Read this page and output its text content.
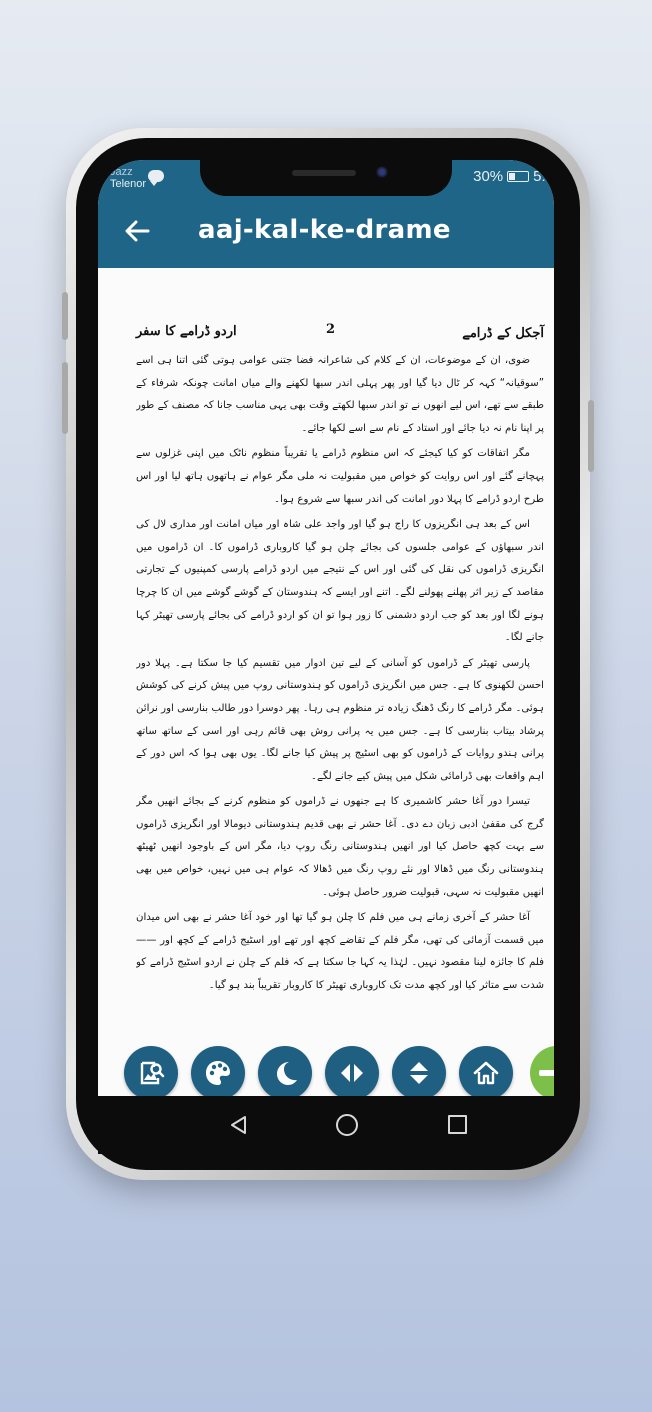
Jazz
Telenor	30% 5:1
aaj-kal-ke-drame
اردو ڈرامے کا سفر	2	آجکل کے ڈرامے

ضوی، ان کے موضوعات، ان کے کلام کی شاعرانہ فضا جتنی عوامی ہوتی گئی اتنا ہی اسے ”سوقیانہ“ کہہ کر ٹال دیا گیا اور پھر پہلی اندر سبھا لکھنے والے میاں امانت چونکہ شرفاء کے طبقے سے تھے، اس لیے انھوں نے تو اندر سبھا لکھتے وقت بھی یہی مناسب جانا کہ مصنف کے طور پر اپنا نام نہ دیا جائے اور استاد کے نام سے اسے لکھا جائے۔

مگر اتفاقات کو کیا کیجئے کہ اس منظوم ڈرامے یا تقریباً منظوم ناٹک میں اپنی غزلوں سے پہچانے گئے اور اس روایت کو خواص میں مقبولیت نہ ملی مگر عوام نے ہاتھوں ہاتھ لیا اور اس طرح اردو ڈرامے کا پہلا دور امانت کی اندر سبھا سے شروع ہوا۔

اس کے بعد ہی انگریزوں کا راج ہو گیا اور واجد علی شاہ اور میاں امانت اور مداری لال کی اندر سبھاؤں کے عوامی جلسوں کی بجائے چلن ہو گیا کاروباری ڈراموں کا۔ ان ڈراموں میں انگریزی ڈراموں کی نقل کی گئی اور اس کے نتیجے میں اردو ڈرامے پارسی کمپنیوں کے تجارتی مقاصد کے زیر اثر پھلنے پھولنے لگے۔ اتنے اور ایسے کہ ہندوستان کے گوشے گوشے میں ان کا چرچا ہونے لگا اور بعد کو جب اردو دشمنی کا زور ہوا تو ان کو اردو ڈرامے کی بجائے پارسی تھیٹر کہا جانے لگا۔

پارسی تھیٹر کے ڈراموں کو آسانی کے لیے تین ادوار میں تقسیم کیا جا سکتا ہے۔ پہلا دور احسن لکھنوی کا ہے۔ جس میں انگریزی ڈراموں کو ہندوستانی روپ میں پیش کرنے کی کوشش ہوئی۔ مگر ڈرامے کا رنگ ڈھنگ زیادہ تر منظوم ہی رہا۔ پھر دوسرا دور طالب بنارسی اور نرائن پرشاد بیتاب بنارسی کا ہے۔ جس میں یہ پرانی روش بھی قائم رہی اور اسی کے ساتھ ساتھ پرانی ہندو روایات کے ڈراموں کو بھی اسٹیج پر پیش کیا جانے لگا۔ یوں بھی ہوا کہ اس دور کے اہم واقعات بھی ڈرامائی شکل میں پیش کیے جانے لگے۔

تیسرا دور آغا حشر کاشمیری کا ہے جنھوں نے ڈراموں کو منظوم کرنے کے بجائے انھیں مگر گرج کی مقفیٰ ادبی زبان دے دی۔ آغا حشر نے بھی قدیم ہندوستانی دیومالا اور انگریزی ڈراموں سے بہت کچھ حاصل کیا اور انھیں ہندوستانی رنگ روپ دیا، مگر اس کے باوجود انھیں ٹھیٹھ ہندوستانی رنگ میں ڈھالا اور نئے روپ رنگ میں ڈھالا کہ عوام ہی میں نہیں، خواص میں بھی انھیں مقبولیت نہ سہی، قبولیت ضرور حاصل ہوئی۔

آغا حشر کے آخری زمانے ہی میں فلم کا چلن ہو گیا تھا اور خود آغا حشر نے بھی اس میدان میں قسمت آزمائی کی تھی، مگر فلم کے تقاضے کچھ اور تھے اور اسٹیج ڈرامے کے کچھ اور —— فلم کا جائزہ لینا مقصود نہیں۔ لہٰذا یہ کہا جا سکتا ہے کہ فلم کے چلن نے اردو اسٹیج ڈرامے کو شدت سے متاثر کیا اور کچھ مدت تک کاروباری تھیٹر کا کاروبار تقریباً بند ہو گیا۔
